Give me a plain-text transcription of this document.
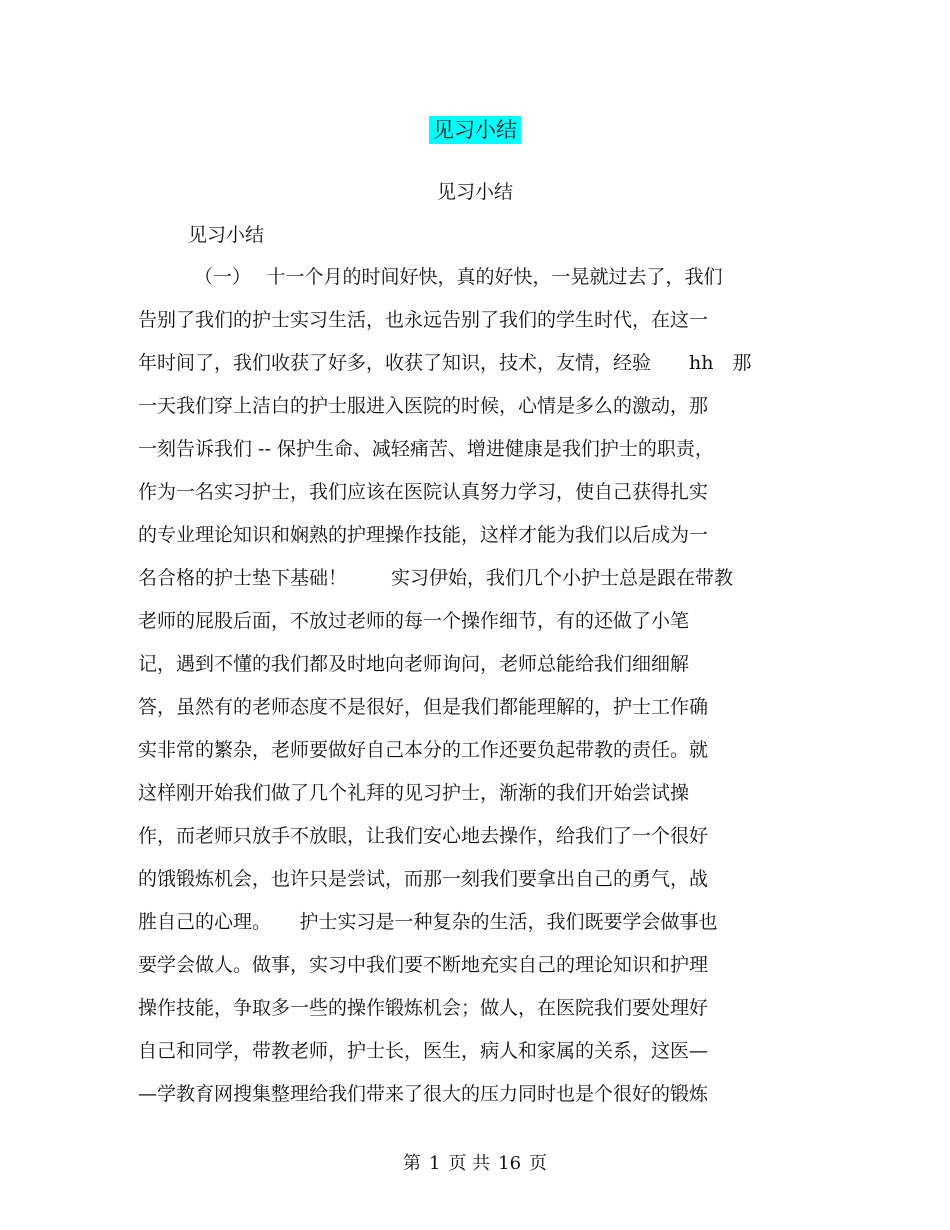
见习小结
见习小结
见习小结
（一）　 十一个月的时间好快，真的好快，一晃就过去了，我们
告别了我们的护士实习生活，也永远告别了我们的学生时代，在这一
年时间了，我们收获了好多，收获了知识，技术，友情，经验　　hh　那
一天我们穿上洁白的护士服进入医院的时候，心情是多么的激动，那
一刻告诉我们 -- 保护生命、减轻痛苦、增进健康是我们护士的职责，
作为一名实习护士，我们应该在医院认真努力学习，使自己获得扎实
的专业理论知识和娴熟的护理操作技能，这样才能为我们以后成为一
名合格的护士垫下基础！　　 实习伊始，我们几个小护士总是跟在带教
老师的屁股后面，不放过老师的每一个操作细节，有的还做了小笔
记，遇到不懂的我们都及时地向老师询问，老师总能给我们细细解
答，虽然有的老师态度不是很好，但是我们都能理解的，护士工作确
实非常的繁杂，老师要做好自己本分的工作还要负起带教的责任。就
这样刚开始我们做了几个礼拜的见习护士，渐渐的我们开始尝试操
作，而老师只放手不放眼，让我们安心地去操作，给我们了一个很好
的饿锻炼机会，也许只是尝试，而那一刻我们要拿出自己的勇气，战
胜自己的心理。　　护士实习是一种复杂的生活，我们既要学会做事也
要学会做人。做事，实习中我们要不断地充实自己的理论知识和护理
操作技能，争取多一些的操作锻炼机会；做人，在医院我们要处理好
自己和同学，带教老师，护士长，医生，病人和家属的关系，这医—
—学教育网搜集整理给我们带来了很大的压力同时也是个很好的锻炼
第 1 页 共 16 页
